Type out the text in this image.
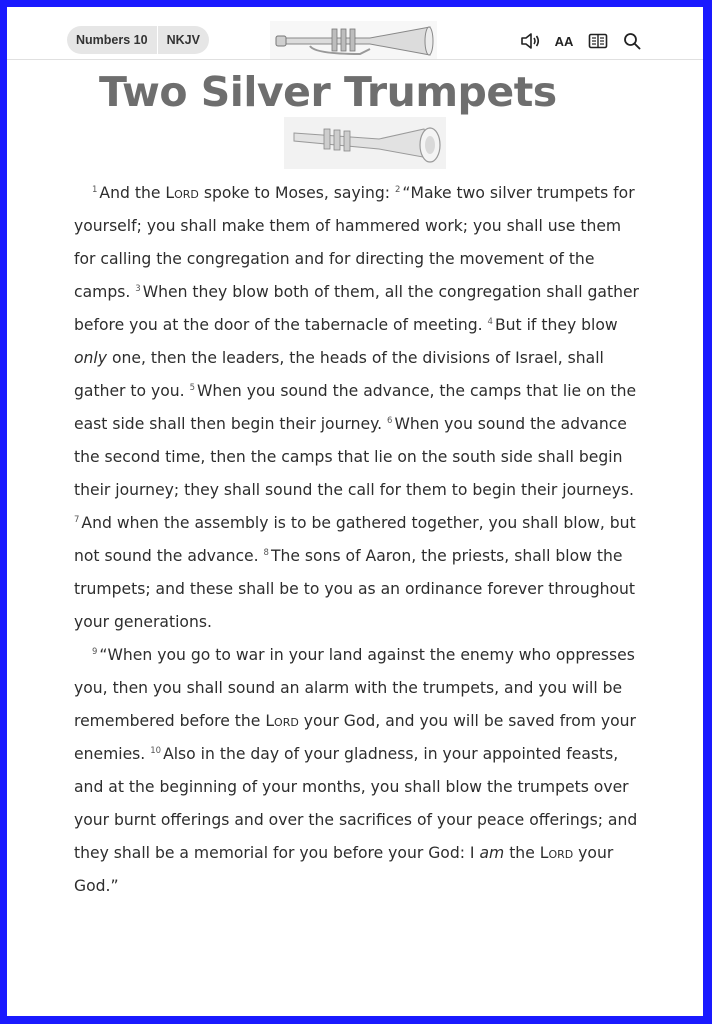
Numbers 10	NKJV	AA
Two Silver Trumpets

$^1$ And the Lord spoke to Moses, saying: $^2$ “Make two silver trumpets for yourself; you shall make them of hammered work; you shall use them for calling the congregation and for directing the movement of the camps. $^3$ When they blow both of them, all the congregation shall gather before you at the door of the tabernacle of meeting. $^4$ But if they blow only one, then the leaders, the heads of the divisions of Israel, shall gather to you. $^5$ When you sound the advance, the camps that lie on the east side shall then begin their journey. $^6$ When you sound the advance the second time, then the camps that lie on the south side shall begin their journey; they shall sound the call for them to begin their journeys. $^7$ And when the assembly is to be gathered together, you shall blow, but not sound the advance. $^8$ The sons of Aaron, the priests, shall blow the trumpets; and these shall be to you as an ordinance forever throughout your generations.

$^9$ “When you go to war in your land against the enemy who oppresses you, then you shall sound an alarm with the trumpets, and you will be remembered before the Lord your God, and you will be saved from your enemies. $^{10}$ Also in the day of your gladness, in your appointed feasts, and at the beginning of your months, you shall blow the trumpets over your burnt offerings and over the sacrifices of your peace offerings; and they shall be a memorial for you before your God: I am the Lord your God.”
